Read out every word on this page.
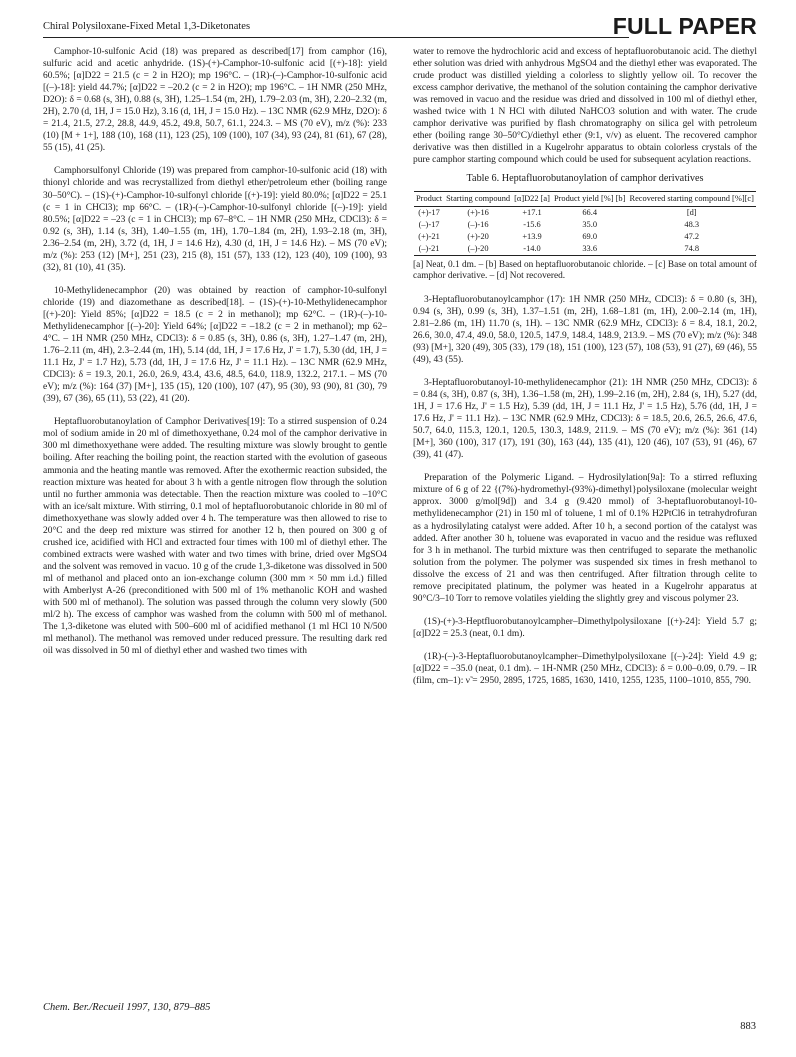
Chiral Polysiloxane-Fixed Metal 1,3-Diketonates	FULL PAPER

Camphor-10-sulfonic Acid (18) was prepared as described[17] from camphor (16), sulfuric acid and acetic anhydride. (1S)-(+)-Camphor-10-sulfonic acid [(+)-18]: yield 60.5%; [α]D22 = 21.5 (c = 2 in H2O); mp 196°C. – (1R)-(–)-Camphor-10-sulfonic acid [(–)-18]: yield 44.7%; [α]D22 = –20.2 (c = 2 in H2O); mp 196°C. – 1H NMR (250 MHz, D2O): δ = 0.68 (s, 3H), 0.88 (s, 3H), 1.25–1.54 (m, 2H), 1.79–2.03 (m, 3H), 2.20–2.32 (m, 2H), 2.70 (d, 1H, J = 15.0 Hz), 3.16 (d, 1H, J = 15.0 Hz). – 13C NMR (62.9 MHz, D2O): δ = 21.4, 21.5, 27.2, 28.8, 44.9, 45.2, 49.8, 50.7, 61.1, 224.3. – MS (70 eV), m/z (%): 233 (10) [M + 1+], 188 (10), 168 (11), 123 (25), 109 (100), 107 (34), 93 (24), 81 (61), 67 (28), 55 (15), 41 (25).

Camphorsulfonyl Chloride (19) was prepared from camphor-10-sulfonic acid (18) with thionyl chloride and was recrystallized from diethyl ether/petroleum ether (boiling range 30–50°C). – (1S)-(+)-Camphor-10-sulfonyl chloride [(+)-19]: yield 80.0%; [α]D22 = 25.1 (c = 1 in CHCl3); mp 66°C. – (1R)-(–)-Camphor-10-sulfonyl chloride [(–)-19]: yield 80.5%; [α]D22 = –23 (c = 1 in CHCl3); mp 67–8°C. – 1H NMR (250 MHz, CDCl3): δ = 0.92 (s, 3H), 1.14 (s, 3H), 1.40–1.55 (m, 1H), 1.70–1.84 (m, 2H), 1.93–2.18 (m, 3H), 2.36–2.54 (m, 2H), 3.72 (d, 1H, J = 14.6 Hz), 4.30 (d, 1H, J = 14.6 Hz). – MS (70 eV); m/z (%): 253 (12) [M+], 251 (23), 215 (8), 151 (57), 133 (12), 123 (40), 109 (100), 93 (32), 81 (10), 41 (35).

10-Methylidenecamphor (20) was obtained by reaction of camphor-10-sulfonyl chloride (19) and diazomethane as described[18]. – (1S)-(+)-10-Methylidenecamphor [(+)-20]: Yield 85%; [α]D22 = 18.5 (c = 2 in methanol); mp 62°C. – (1R)-(–)-10-Methylidenecamphor [(–)-20]: Yield 64%; [α]D22 = –18.2 (c = 2 in methanol); mp 62–4°C. – 1H NMR (250 MHz, CDCl3): δ = 0.85 (s, 3H), 0.86 (s, 3H), 1.27–1.47 (m, 2H), 1.76–2.11 (m, 4H), 2.3–2.44 (m, 1H), 5.14 (dd, 1H, J = 17.6 Hz, J' = 1.7), 5.30 (dd, 1H, J = 11.1 Hz, J' = 1.7 Hz), 5.73 (dd, 1H, J = 17.6 Hz, J' = 11.1 Hz). – 13C NMR (62.9 MHz, CDCl3): δ = 19.3, 20.1, 26.0, 26.9, 43.4, 43.6, 48.5, 64.0, 118.9, 132.2, 217.1. – MS (70 eV); m/z (%): 164 (37) [M+], 135 (15), 120 (100), 107 (47), 95 (30), 93 (90), 81 (30), 79 (39), 67 (36), 65 (11), 53 (22), 41 (20).

Heptafluorobutanoylation of Camphor Derivatives[19]: To a stirred suspension of 0.24 mol of sodium amide in 20 ml of dimethoxyethane, 0.24 mol of the camphor derivative in 300 ml dimethoxyethane were added. The resulting mixture was slowly brought to gentle boiling. After reaching the boiling point, the reaction started with the evolution of gaseous ammonia and the heating mantle was removed. After the exothermic reaction subsided, the reaction mixture was heated for about 3 h with a gentle nitrogen flow through the solution until no further ammonia was detectable. Then the reaction mixture was cooled to –10°C with an ice/salt mixture. With stirring, 0.1 mol of heptafluorobutanoic chloride in 80 ml of dimethoxyethane was slowly added over 4 h. The temperature was then allowed to rise to 20°C and the deep red mixture was stirred for another 12 h, then poured on 300 g of crushed ice, acidified with HCl and extracted four times with 100 ml of diethyl ether. The combined extracts were washed with water and two times with brine, dried over MgSO4 and the solvent was removed in vacuo. 10 g of the crude 1,3-diketone was dissolved in 500 ml of methanol and placed onto an ion-exchange column (300 mm × 50 mm i.d.) filled with Amberlyst A-26 (preconditioned with 500 ml of 1% methanolic KOH and washed with 500 ml of methanol). The solution was passed through the column very slowly (500 ml/2 h). The excess of camphor was washed from the column with 500 ml of methanol. The 1,3-diketone was eluted with 500–600 ml of acidified methanol (1 ml HCl 10 N/500 ml methanol). The methanol was removed under reduced pressure. The resulting dark red oil was dissolved in 50 ml of diethyl ether and washed two times with

water to remove the hydrochloric acid and excess of heptafluorobutanoic acid. The diethyl ether solution was dried with anhydrous MgSO4 and the diethyl ether was evaporated. The crude product was distilled yielding a colorless to slightly yellow oil. To recover the excess camphor derivative, the methanol of the solution containing the camphor derivative was removed in vacuo and the residue was dried and dissolved in 100 ml of diethyl ether, washed twice with 1 N HCl with diluted NaHCO3 solution and with water. The crude camphor derivative was purified by flash chromatography on silica gel with petroleum ether (boiling range 30–50°C)/diethyl ether (9:1, v/v) as eluent. The recovered camphor derivative was then distilled in a Kugelrohr apparatus to obtain colorless crystals of the pure camphor starting compound which could be used for subsequent acylation reactions.

Table 6. Heptafluorobutanoylation of camphor derivatives
Product	Starting compound	[α]D22 [a]	Product yield [%] [b]	Recovered starting compound [%][c]
(+)-17	(+)-16	+17.1	66.4	[d]
(–)-17	(–)-16	-15.6	35.0	48.3
(+)-21	(+)-20	+13.9	69.0	47.2
(–)-21	(–)-20	-14.0	33.6	74.8
[a] Neat, 0.1 dm. – [b] Based on heptafluorobutanoic chloride. – [c] Base on total amount of camphor derivative. – [d] Not recovered.

3-Heptafluorobutanoylcamphor (17): 1H NMR (250 MHz, CDCl3): δ = 0.80 (s, 3H), 0.94 (s, 3H), 0.99 (s, 3H), 1.37–1.51 (m, 2H), 1.68–1.81 (m, 1H), 2.00–2.14 (m, 1H), 2.81–2.86 (m, 1H) 11.70 (s, 1H). – 13C NMR (62.9 MHz, CDCl3): δ = 8.4, 18.1, 20.2, 26.6, 30.0, 47.4, 49.0, 58.0, 120.5, 147.9, 148.4, 148.9, 213.9. – MS (70 eV); m/z (%): 348 (93) [M+], 320 (49), 305 (33), 179 (18), 151 (100), 123 (57), 108 (53), 91 (27), 69 (46), 55 (49), 43 (55).

3-Heptafluorobutanoyl-10-methylidenecamphor (21): 1H NMR (250 MHz, CDCl3): δ = 0.84 (s, 3H), 0.87 (s, 3H), 1.36–1.58 (m, 2H), 1.99–2.16 (m, 2H), 2.84 (s, 1H), 5.27 (dd, 1H, J = 17.6 Hz, J' = 1.5 Hz), 5.39 (dd, 1H, J = 11.1 Hz, J' = 1.5 Hz), 5.76 (dd, 1H, J = 17.6 Hz, J' = 11.1 Hz). – 13C NMR (62.9 MHz, CDCl3): δ = 18.5, 20.6, 26.5, 26.6, 47.6, 50.7, 64.0, 115.3, 120.1, 120.5, 130.3, 148.9, 211.9. – MS (70 eV); m/z (%): 361 (14) [M+], 360 (100), 317 (17), 191 (30), 163 (44), 135 (41), 120 (46), 107 (53), 91 (46), 67 (39), 41 (47).

Preparation of the Polymeric Ligand. – Hydrosilylation[9a]: To a stirred refluxing mixture of 6 g of 22 {(7%)-hydromethyl-(93%)-dimethyl}polysiloxane (molecular weight approx. 3000 g/mol[9d]) and 3.4 g (9.420 mmol) of 3-heptafluorobutanoyl-10-methylidenecamphor (21) in 150 ml of toluene, 1 ml of 0.1% H2PtCl6 in tetrahydrofuran as a hydrosilylating catalyst were added. After 10 h, a second portion of the catalyst was added. After another 30 h, toluene was evaporated in vacuo and the residue was refluxed for 3 h in methanol. The turbid mixture was then centrifuged to separate the methanolic solution from the polymer. The polymer was suspended six times in fresh methanol to dissolve the excess of 21 and was then centrifuged. After filtration through celite to remove precipitated platinum, the polymer was heated in a Kugelrohr apparatus at 90°C/3–10 Torr to remove volatiles yielding the slightly grey and viscous polymer 23.

(1S)-(+)-3-Heptfluorobutanoylcampher–Dimethylpolysiloxane [(+)-24]: Yield 5.7 g; [α]D22 = 25.3 (neat, 0.1 dm).

(1R)-(–)-3-Heptafluorobutanoylcampher–Dimethylpolysiloxane [(–)-24]: Yield 4.9 g; [α]D22 = –35.0 (neat, 0.1 dm). – 1H-NMR (250 MHz, CDCl3): δ = 0.00–0.09, 0.79. – IR (film, cm–1): ν̃ = 2950, 2895, 1725, 1685, 1630, 1410, 1255, 1235, 1100–1010, 855, 790.

Chem. Ber./Recueil 1997, 130, 879–885
883
